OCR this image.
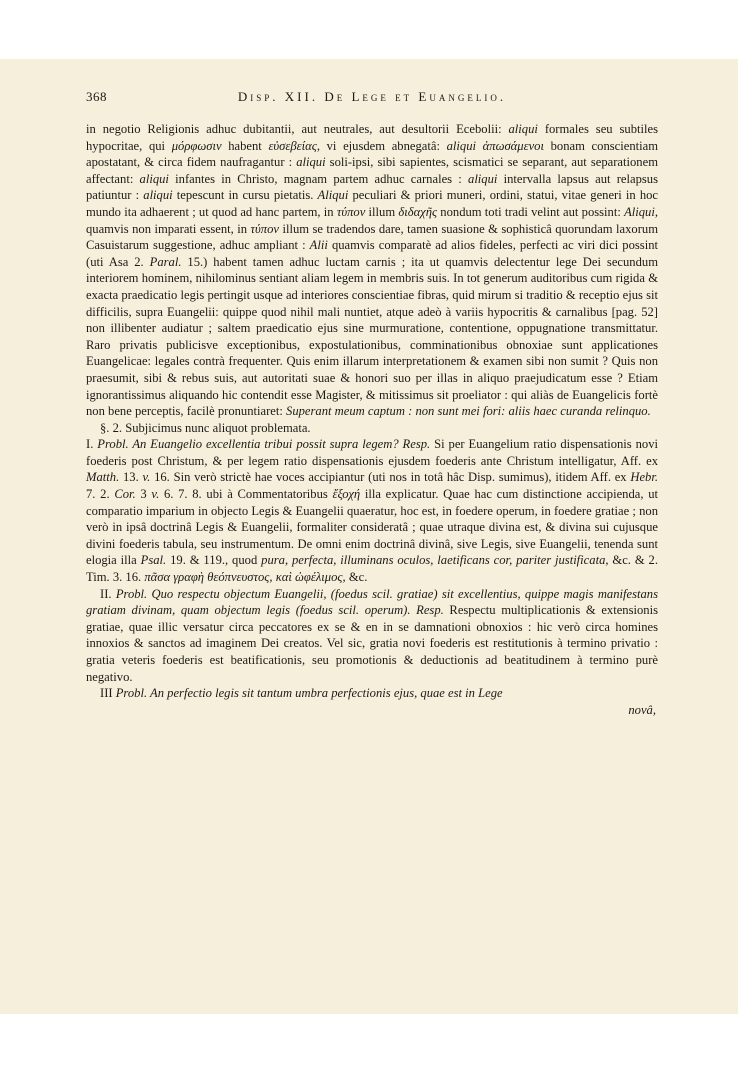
368	Disp. XII. De Lege et Euangelio.

in negotio Religionis adhuc dubitantii, aut neutrales, aut desultorii Ecebolii: aliqui formales seu subtiles hypocritae, qui μόρφωσιν habent εὐσεβείας, vi ejusdem abnegatâ: aliqui ἀπωσάμενοι bonam conscientiam apostatant, & circa fidem naufragantur : aliqui soli-ipsi, sibi sapientes, scismatici se separant, aut separationem affectant: aliqui infantes in Christo, magnam partem adhuc carnales : aliqui intervalla lapsus aut relapsus patiuntur : aliqui tepescunt in cursu pietatis. Aliqui peculiari & priori muneri, ordini, statui, vitae generi in hoc mundo ita adhaerent ; ut quod ad hanc partem, in τύπον illum διδαχῆς nondum toti tradi velint aut possint: Aliqui, quamvis non imparati essent, in τύπον illum se tradendos dare, tamen suasione & sophisticâ quorundam laxorum Casuistarum suggestione, adhuc ampliant : Alii quamvis comparatè ad alios fideles, perfecti ac viri dici possint (uti Asa 2. Paral. 15.) habent tamen adhuc luctam carnis ; ita ut quamvis delectentur lege Dei secundum interiorem hominem, nihilominus sentiant aliam legem in membris suis. In tot generum auditoribus cum rigida & exacta praedicatio legis pertingit usque ad interiores conscientiae fibras, quid mirum si traditio & receptio ejus sit difficilis, supra Euangelii: quippe quod nihil mali nuntiet, atque adeò à variis hypocritis & carnalibus [pag. 52] non illibenter audiatur ; saltem praedicatio ejus sine murmuratione, contentione, oppugnatione transmittatur. Raro privatis publicisve exceptionibus, expostulationibus, comminationibus obnoxiae sunt applicationes Euangelicae: legales contrà frequenter. Quis enim illarum interpretationem & examen sibi non sumit ? Quis non praesumit, sibi & rebus suis, aut autoritati suae & honori suo per illas in aliquo praejudicatum esse ? Etiam ignorantissimus aliquando hic contendit esse Magister, & mitissimus sit proeliator : qui aliàs de Euangelicis fortè non bene perceptis, facilè pronuntiaret: Superant meum captum : non sunt mei fori: aliis haec curanda relinquo.

§. 2. Subjicimus nunc aliquot problemata.

I. Probl. An Euangelio excellentia tribui possit supra legem? Resp. Si per Euangelium ratio dispensationis novi foederis post Christum, & per legem ratio dispensationis ejusdem foederis ante Christum intelligatur, Aff. ex Matth. 13. v. 16. Sin verò strictè hae voces accipiantur (uti nos in totâ hâc Disp. sumimus), itidem Aff. ex Hebr. 7. 2. Cor. 3 v. 6. 7. 8. ubi à Commentatoribus ἔξοχή illa explicatur. Quae hac cum distinctione accipienda, ut comparatio imparium in objecto Legis & Euangelii quaeratur, hoc est, in foedere operum, in foedere gratiae ; non verò in ipsâ doctrinâ Legis & Euangelii, formaliter consideratâ ; quae utraque divina est, & divina sui cujusque divini foederis tabula, seu instrumentum. De omni enim doctrinâ divinâ, sive Legis, sive Euangelii, tenenda sunt elogia illa Psal. 19. & 119., quod pura, perfecta, illuminans oculos, laetificans cor, pariter justificata, &c. & 2. Tim. 3. 16. πᾶσα γραφὴ θεόπνευστος, καὶ ὠφέλιμος, &c.

II. Probl. Quo respectu objectum Euangelii, (foedus scil. gratiae) sit excellentius, quippe magis manifestans gratiam divinam, quam objectum legis (foedus scil. operum). Resp. Respectu multiplicationis & extensionis gratiae, quae illic versatur circa peccatores ex se & en in se damnationi obnoxios : hic verò circa homines innoxios & sanctos ad imaginem Dei creatos. Vel sic, gratia novi foederis est restitutionis à termino privatio : gratia veteris foederis est beatificationis, seu promotionis & deductionis ad beatitudinem à termino purè negativo.

III Probl. An perfectio legis sit tantum umbra perfectionis ejus, quae est in Lege

novâ,
